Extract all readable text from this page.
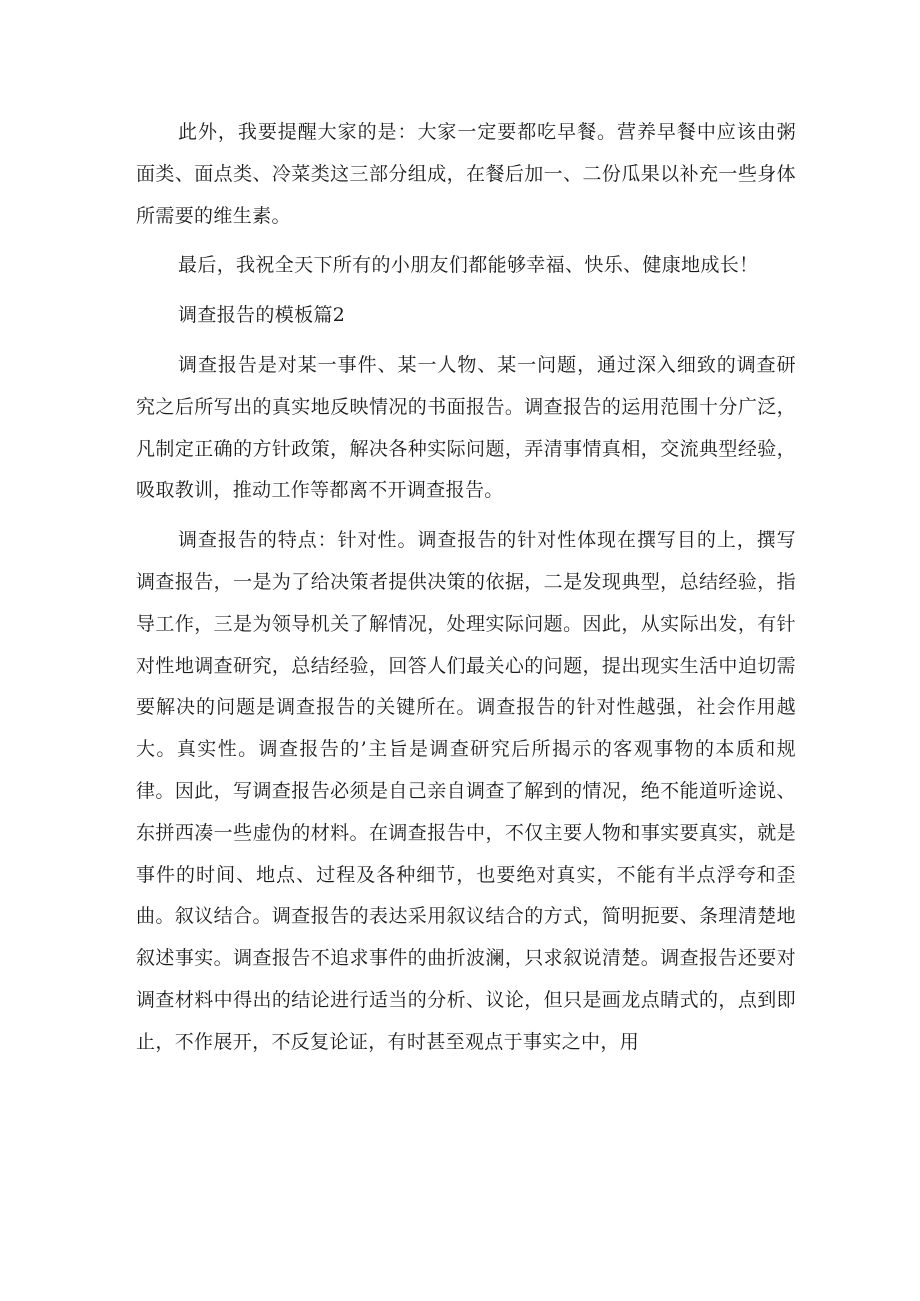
此外，我要提醒大家的是：大家一定要都吃早餐。营养早餐中应该由粥面类、面点类、冷菜类这三部分组成，在餐后加一、二份瓜果以补充一些身体所需要的维生素。

最后，我祝全天下所有的小朋友们都能够幸福、快乐、健康地成长！

调查报告的模板篇2

调查报告是对某一事件、某一人物、某一问题，通过深入细致的调查研究之后所写出的真实地反映情况的书面报告。调查报告的运用范围十分广泛，凡制定正确的方针政策，解决各种实际问题，弄清事情真相，交流典型经验，吸取教训，推动工作等都离不开调查报告。

调查报告的特点：针对性。调查报告的针对性体现在撰写目的上，撰写调查报告，一是为了给决策者提供决策的依据，二是发现典型，总结经验，指导工作，三是为领导机关了解情况，处理实际问题。因此，从实际出发，有针对性地调查研究，总结经验，回答人们最关心的问题，提出现实生活中迫切需要解决的问题是调查报告的关键所在。调查报告的针对性越强，社会作用越大。真实性。调查报告的’主旨是调查研究后所揭示的客观事物的本质和规律。因此，写调查报告必须是自己亲自调查了解到的情况，绝不能道听途说、东拼西凑一些虚伪的材料。在调查报告中，不仅主要人物和事实要真实，就是事件的时间、地点、过程及各种细节，也要绝对真实，不能有半点浮夸和歪曲。叙议结合。调查报告的表达采用叙议结合的方式，简明扼要、条理清楚地叙述事实。调查报告不追求事件的曲折波澜，只求叙说清楚。调查报告还要对调查材料中得出的结论进行适当的分析、议论，但只是画龙点睛式的，点到即止，不作展开，不反复论证，有时甚至观点于事实之中，用
